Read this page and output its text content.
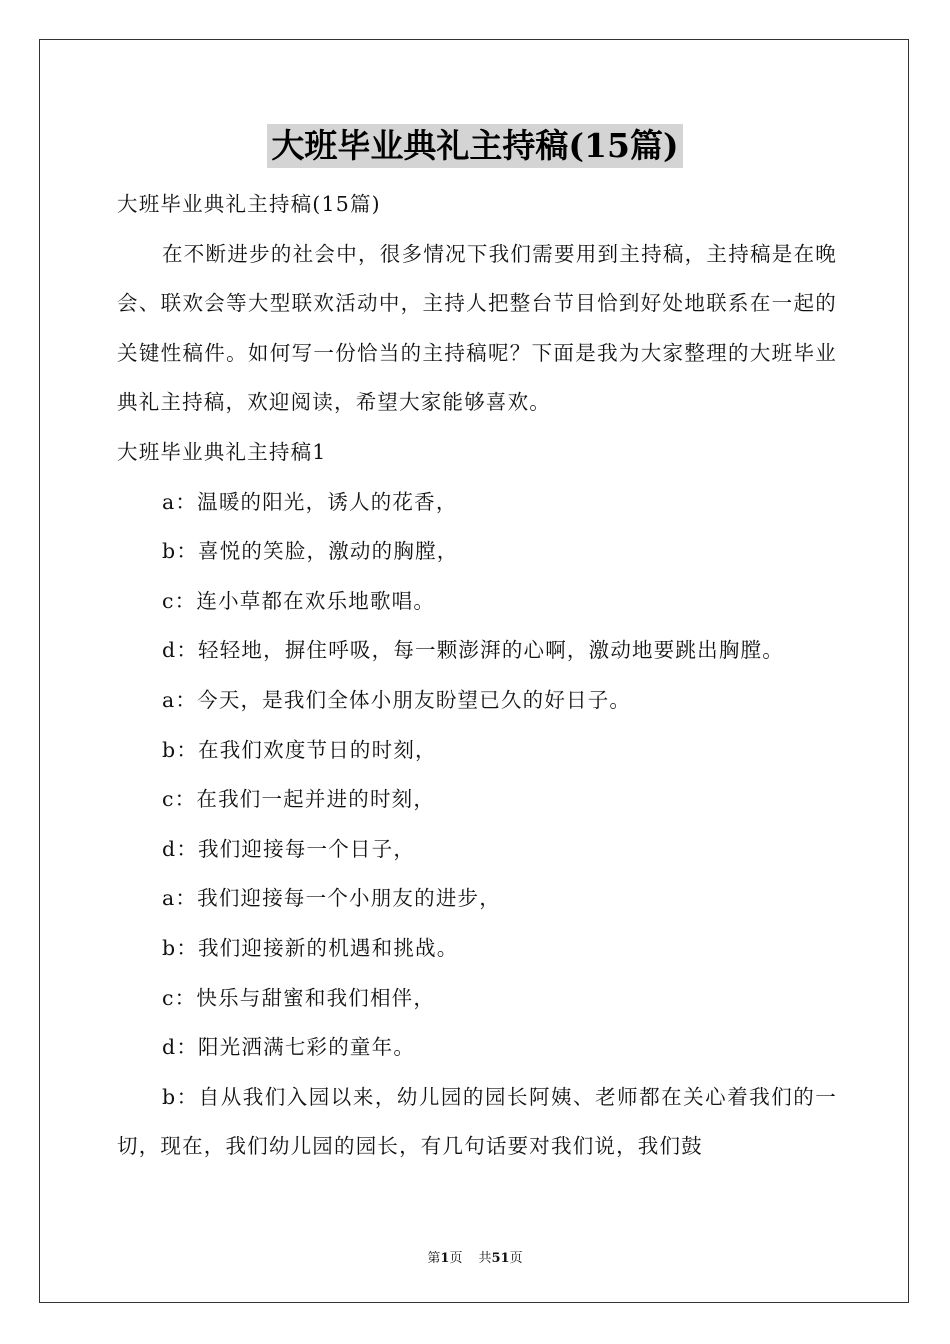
大班毕业典礼主持稿(15篇)

大班毕业典礼主持稿(15篇)

在不断进步的社会中，很多情况下我们需要用到主持稿，主持稿是在晚会、联欢会等大型联欢活动中，主持人把整台节目恰到好处地联系在一起的关键性稿件。如何写一份恰当的主持稿呢？下面是我为大家整理的大班毕业典礼主持稿，欢迎阅读，希望大家能够喜欢。

大班毕业典礼主持稿1

a：温暖的阳光，诱人的花香，

b：喜悦的笑脸，激动的胸膛，

c：连小草都在欢乐地歌唱。

d：轻轻地，摒住呼吸，每一颗澎湃的心啊，激动地要跳出胸膛。

a：今天，是我们全体小朋友盼望已久的好日子。

b：在我们欢度节日的时刻，

c：在我们一起并进的时刻，

d：我们迎接每一个日子，

a：我们迎接每一个小朋友的进步，

b：我们迎接新的机遇和挑战。

c：快乐与甜蜜和我们相伴，

d：阳光洒满七彩的童年。

b：自从我们入园以来，幼儿园的园长阿姨、老师都在关心着我们的一切，现在，我们幼儿园的园长，有几句话要对我们说，我们鼓

第1页 共51页
